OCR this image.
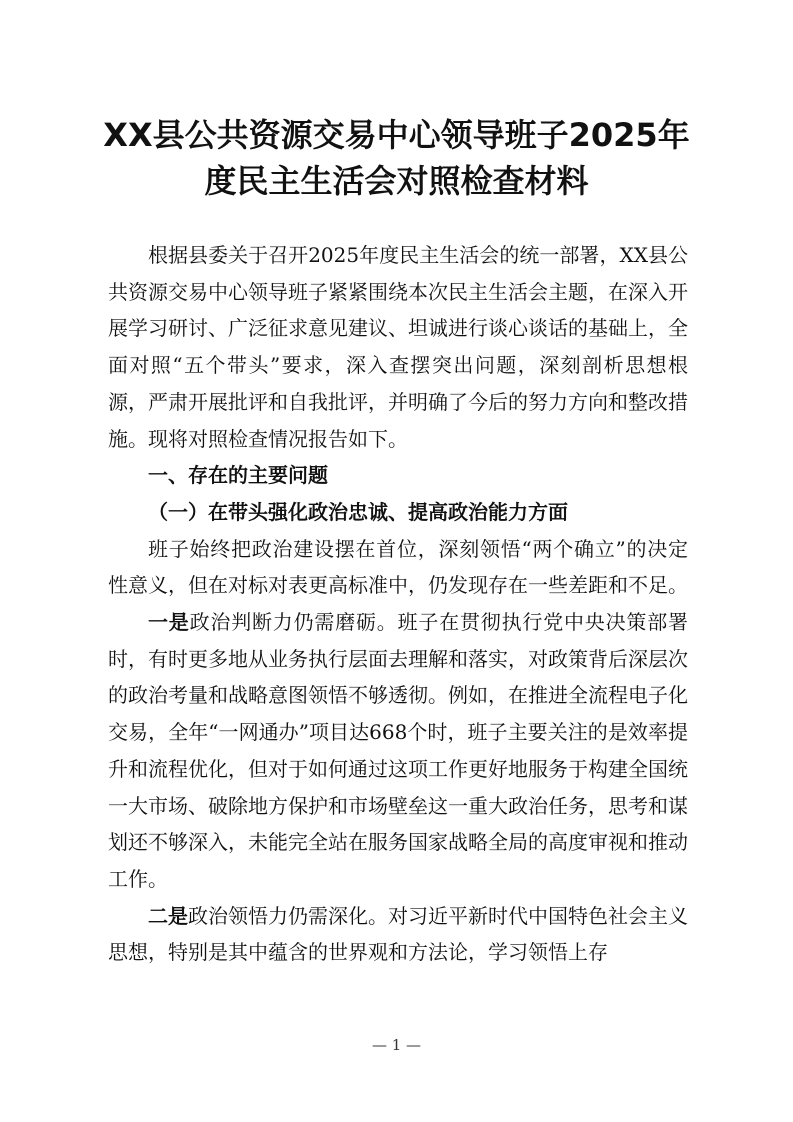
XX县公共资源交易中心领导班子2025年
度民主生活会对照检查材料

根据县委关于召开2025年度民主生活会的统一部署，XX县公共资源交易中心领导班子紧紧围绕本次民主生活会主题，在深入开展学习研讨、广泛征求意见建议、坦诚进行谈心谈话的基础上，全面对照“五个带头”要求，深入查摆突出问题，深刻剖析思想根源，严肃开展批评和自我批评，并明确了今后的努力方向和整改措施。现将对照检查情况报告如下。

一、存在的主要问题

（一）在带头强化政治忠诚、提高政治能力方面

班子始终把政治建设摆在首位，深刻领悟“两个确立”的决定性意义，但在对标对表更高标准中，仍发现存在一些差距和不足。

一是政治判断力仍需磨砺。班子在贯彻执行党中央决策部署时，有时更多地从业务执行层面去理解和落实，对政策背后深层次的政治考量和战略意图领悟不够透彻。例如，在推进全流程电子化交易，全年“一网通办”项目达668个时，班子主要关注的是效率提升和流程优化，但对于如何通过这项工作更好地服务于构建全国统一大市场、破除地方保护和市场壁垒这一重大政治任务，思考和谋划还不够深入，未能完全站在服务国家战略全局的高度审视和推动工作。

二是政治领悟力仍需深化。对习近平新时代中国特色社会主义思想，特别是其中蕴含的世界观和方法论，学习领悟上存

— 1 —
